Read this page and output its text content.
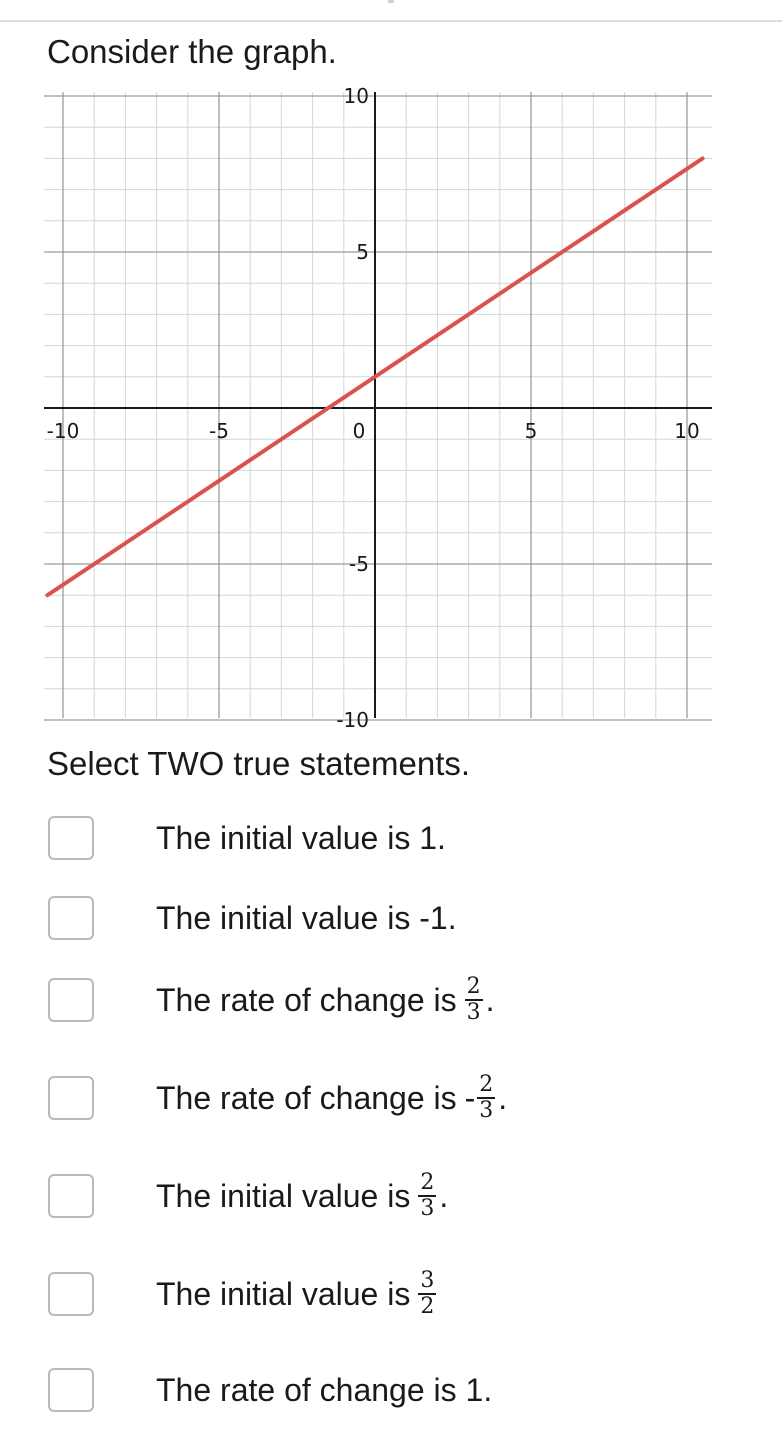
Consider the graph.
-10	-5	0	5	10
10
5
-5
-10
Select TWO true statements.
The initial value is 1.
The initial value is -1.
The rate of change is $\frac{2}{3}$ .
The rate of change is - $\frac{2}{3}$ .
The initial value is $\frac{2}{3}$ .
The initial value is $\frac{3}{2}$
The rate of change is 1.
